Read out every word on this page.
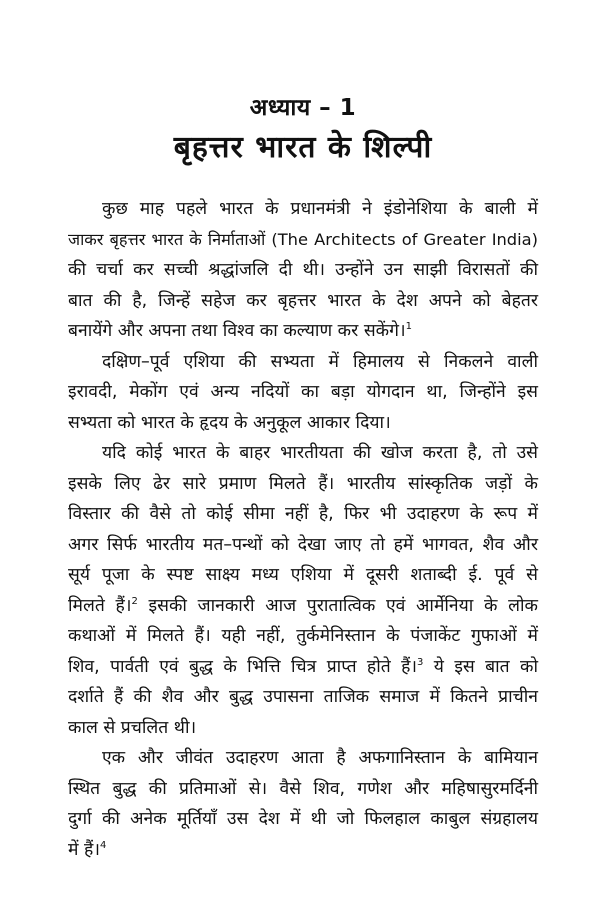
अध्याय – 1
बृहत्तर भारत के शिल्पी

कुछ माह पहले भारत के प्रधानमंत्री ने इंडोनेशिया के बाली में
जाकर बृहत्तर भारत के निर्माताओं (The Architects of Greater India)
की चर्चा कर सच्ची श्रद्धांजलि दी थी। उन्होंने उन साझी विरासतों की
बात की है, जिन्हें सहेज कर बृहत्तर भारत के देश अपने को बेहतर
बनायेंगे और अपना तथा विश्व का कल्याण कर सकेंगे।$^1$

दक्षिण–पूर्व एशिया की सभ्यता में हिमालय से निकलने वाली
इरावदी, मेकोंग एवं अन्य नदियों का बड़ा योगदान था, जिन्होंने इस
सभ्यता को भारत के हृदय के अनुकूल आकार दिया।

यदि कोई भारत के बाहर भारतीयता की खोज करता है, तो उसे
इसके लिए ढेर सारे प्रमाण मिलते हैं। भारतीय सांस्कृतिक जड़ों के
विस्तार की वैसे तो कोई सीमा नहीं है, फिर भी उदाहरण के रूप में
अगर सिर्फ भारतीय मत–पन्थों को देखा जाए तो हमें भागवत, शैव और
सूर्य पूजा के स्पष्ट साक्ष्य मध्य एशिया में दूसरी शताब्दी ई. पूर्व से
मिलते हैं।$^2$ इसकी जानकारी आज पुरातात्विक एवं आर्मेनिया के लोक
कथाओं में मिलते हैं। यही नहीं, तुर्कमेनिस्तान के पंजाकेंट गुफाओं में
शिव, पार्वती एवं बुद्ध के भित्ति चित्र प्राप्त होते हैं।$^3$ ये इस बात को
दर्शाते हैं की शैव और बुद्ध उपासना ताजिक समाज में कितने प्राचीन
काल से प्रचलित थी।

एक और जीवंत उदाहरण आता है अफगानिस्तान के बामियान
स्थित बुद्ध की प्रतिमाओं से। वैसे शिव, गणेश और महिषासुरमर्दिनी
दुर्गा की अनेक मूर्तियाँ उस देश में थी जो फिलहाल काबुल संग्रहालय
में हैं।$^4$
